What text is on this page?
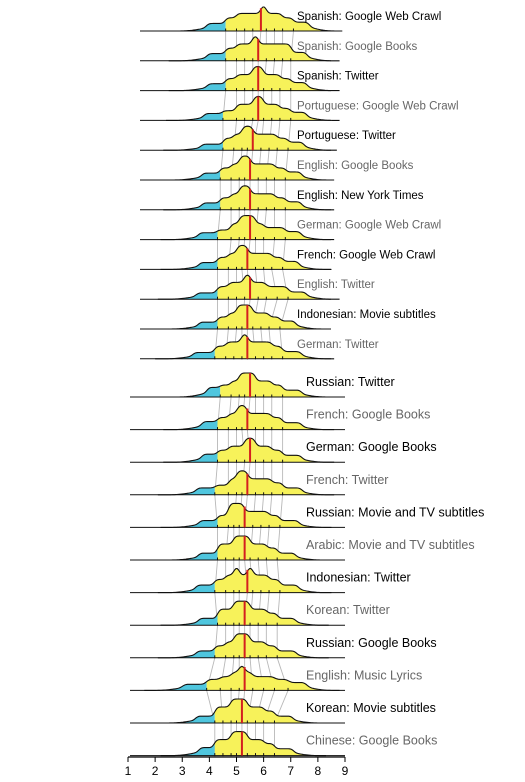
Spanish: Google Web Crawl
Spanish: Google Books
Spanish: Twitter
Portuguese: Google Web Crawl
Portuguese: Twitter
English: Google Books
English: New York Times
German: Google Web Crawl
French: Google Web Crawl
English: Twitter
Indonesian: Movie subtitles
German: Twitter
Russian: Twitter
French: Google Books
German: Google Books
French: Twitter
Russian: Movie and TV subtitles
Arabic: Movie and TV subtitles
Indonesian: Twitter
Korean: Twitter
Russian: Google Books
English: Music Lyrics
Korean: Movie subtitles
Chinese: Google Books
1 2 3 4 5 6 7 8 9
